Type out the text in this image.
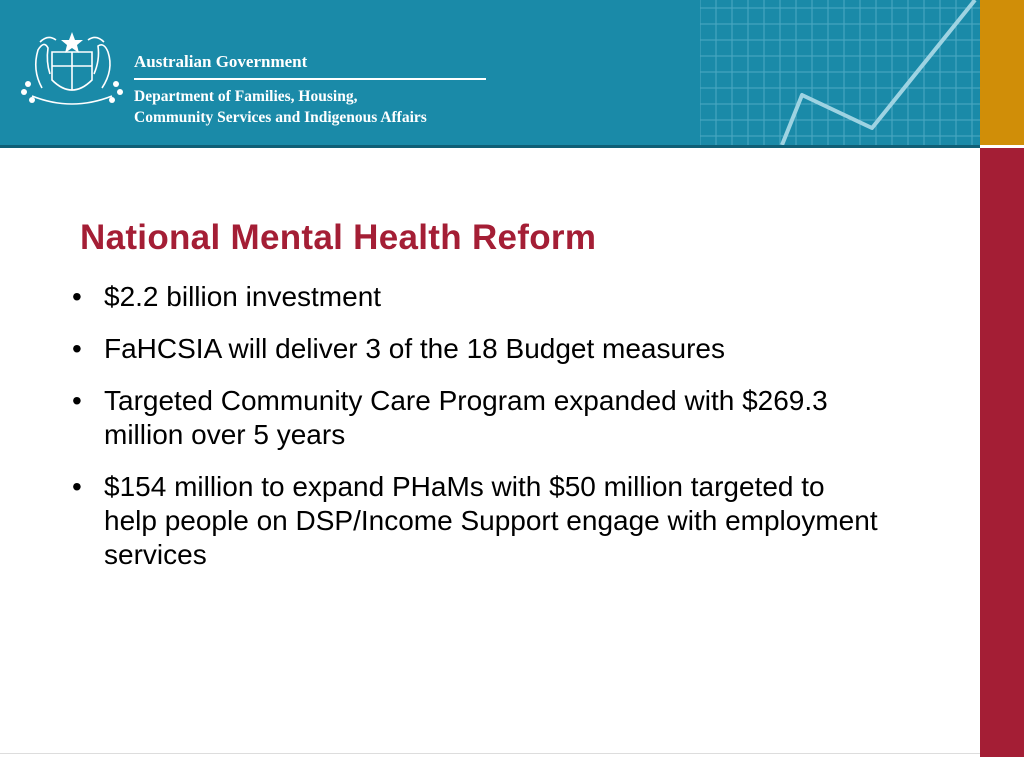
Australian Government

Department of Families, Housing,

Community Services and Indigenous Affairs

National Mental Health Reform
• $2.2 billion investment
• FaHCSIA will deliver 3 of the 18 Budget measures
• Targeted Community Care Program expanded with $269.3 million over 5 years
• $154 million to expand PHaMs with $50 million targeted to help people on DSP/Income Support engage with employment services
